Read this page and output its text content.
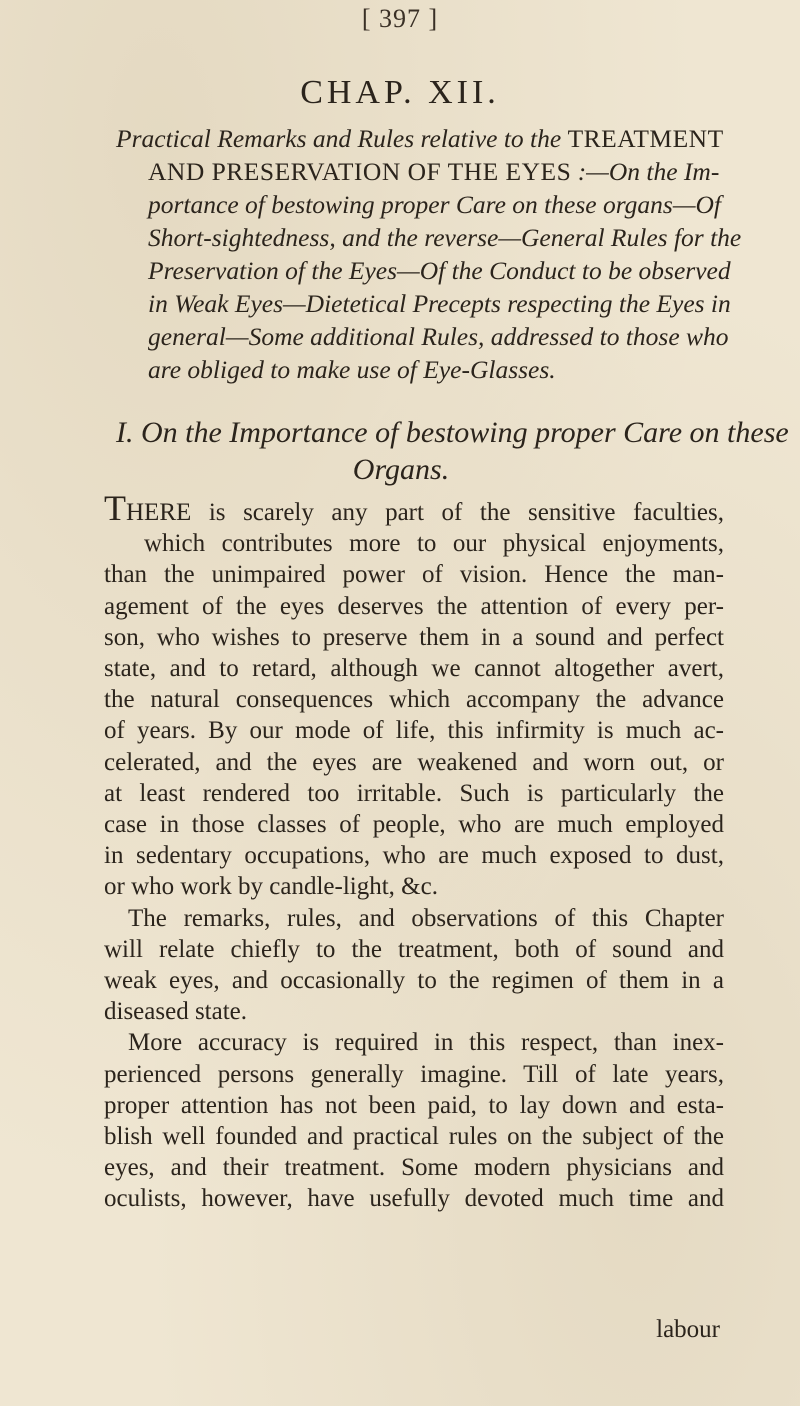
[ 397 ]
CHAP. XII.
Practical Remarks and Rules relative to the TREATMENT
AND PRESERVATION OF THE EYES :—On the Im-
portance of bestowing proper Care on these organs—Of
Short-sightedness, and the reverse—General Rules for the
Preservation of the Eyes—Of the Conduct to be observed
in Weak Eyes—Dietetical Precepts respecting the Eyes in
general—Some additional Rules, addressed to those who
are obliged to make use of Eye-Glasses.
I. On the Importance of bestowing proper Care on these
Organs.
THERE is scarely any part of the sensitive faculties,
which contributes more to our physical enjoyments,
than the unimpaired power of vision. Hence the man-
agement of the eyes deserves the attention of every per-
son, who wishes to preserve them in a sound and perfect
state, and to retard, although we cannot altogether avert,
the natural consequences which accompany the advance
of years. By our mode of life, this infirmity is much ac-
celerated, and the eyes are weakened and worn out, or
at least rendered too irritable. Such is particularly the
case in those classes of people, who are much employed
in sedentary occupations, who are much exposed to dust,
or who work by candle-light, &c.
The remarks, rules, and observations of this Chapter
will relate chiefly to the treatment, both of sound and
weak eyes, and occasionally to the regimen of them in a
diseased state.
More accuracy is required in this respect, than inex-
perienced persons generally imagine. Till of late years,
proper attention has not been paid, to lay down and esta-
blish well founded and practical rules on the subject of the
eyes, and their treatment. Some modern physicians and
oculists, however, have usefully devoted much time and
labour
